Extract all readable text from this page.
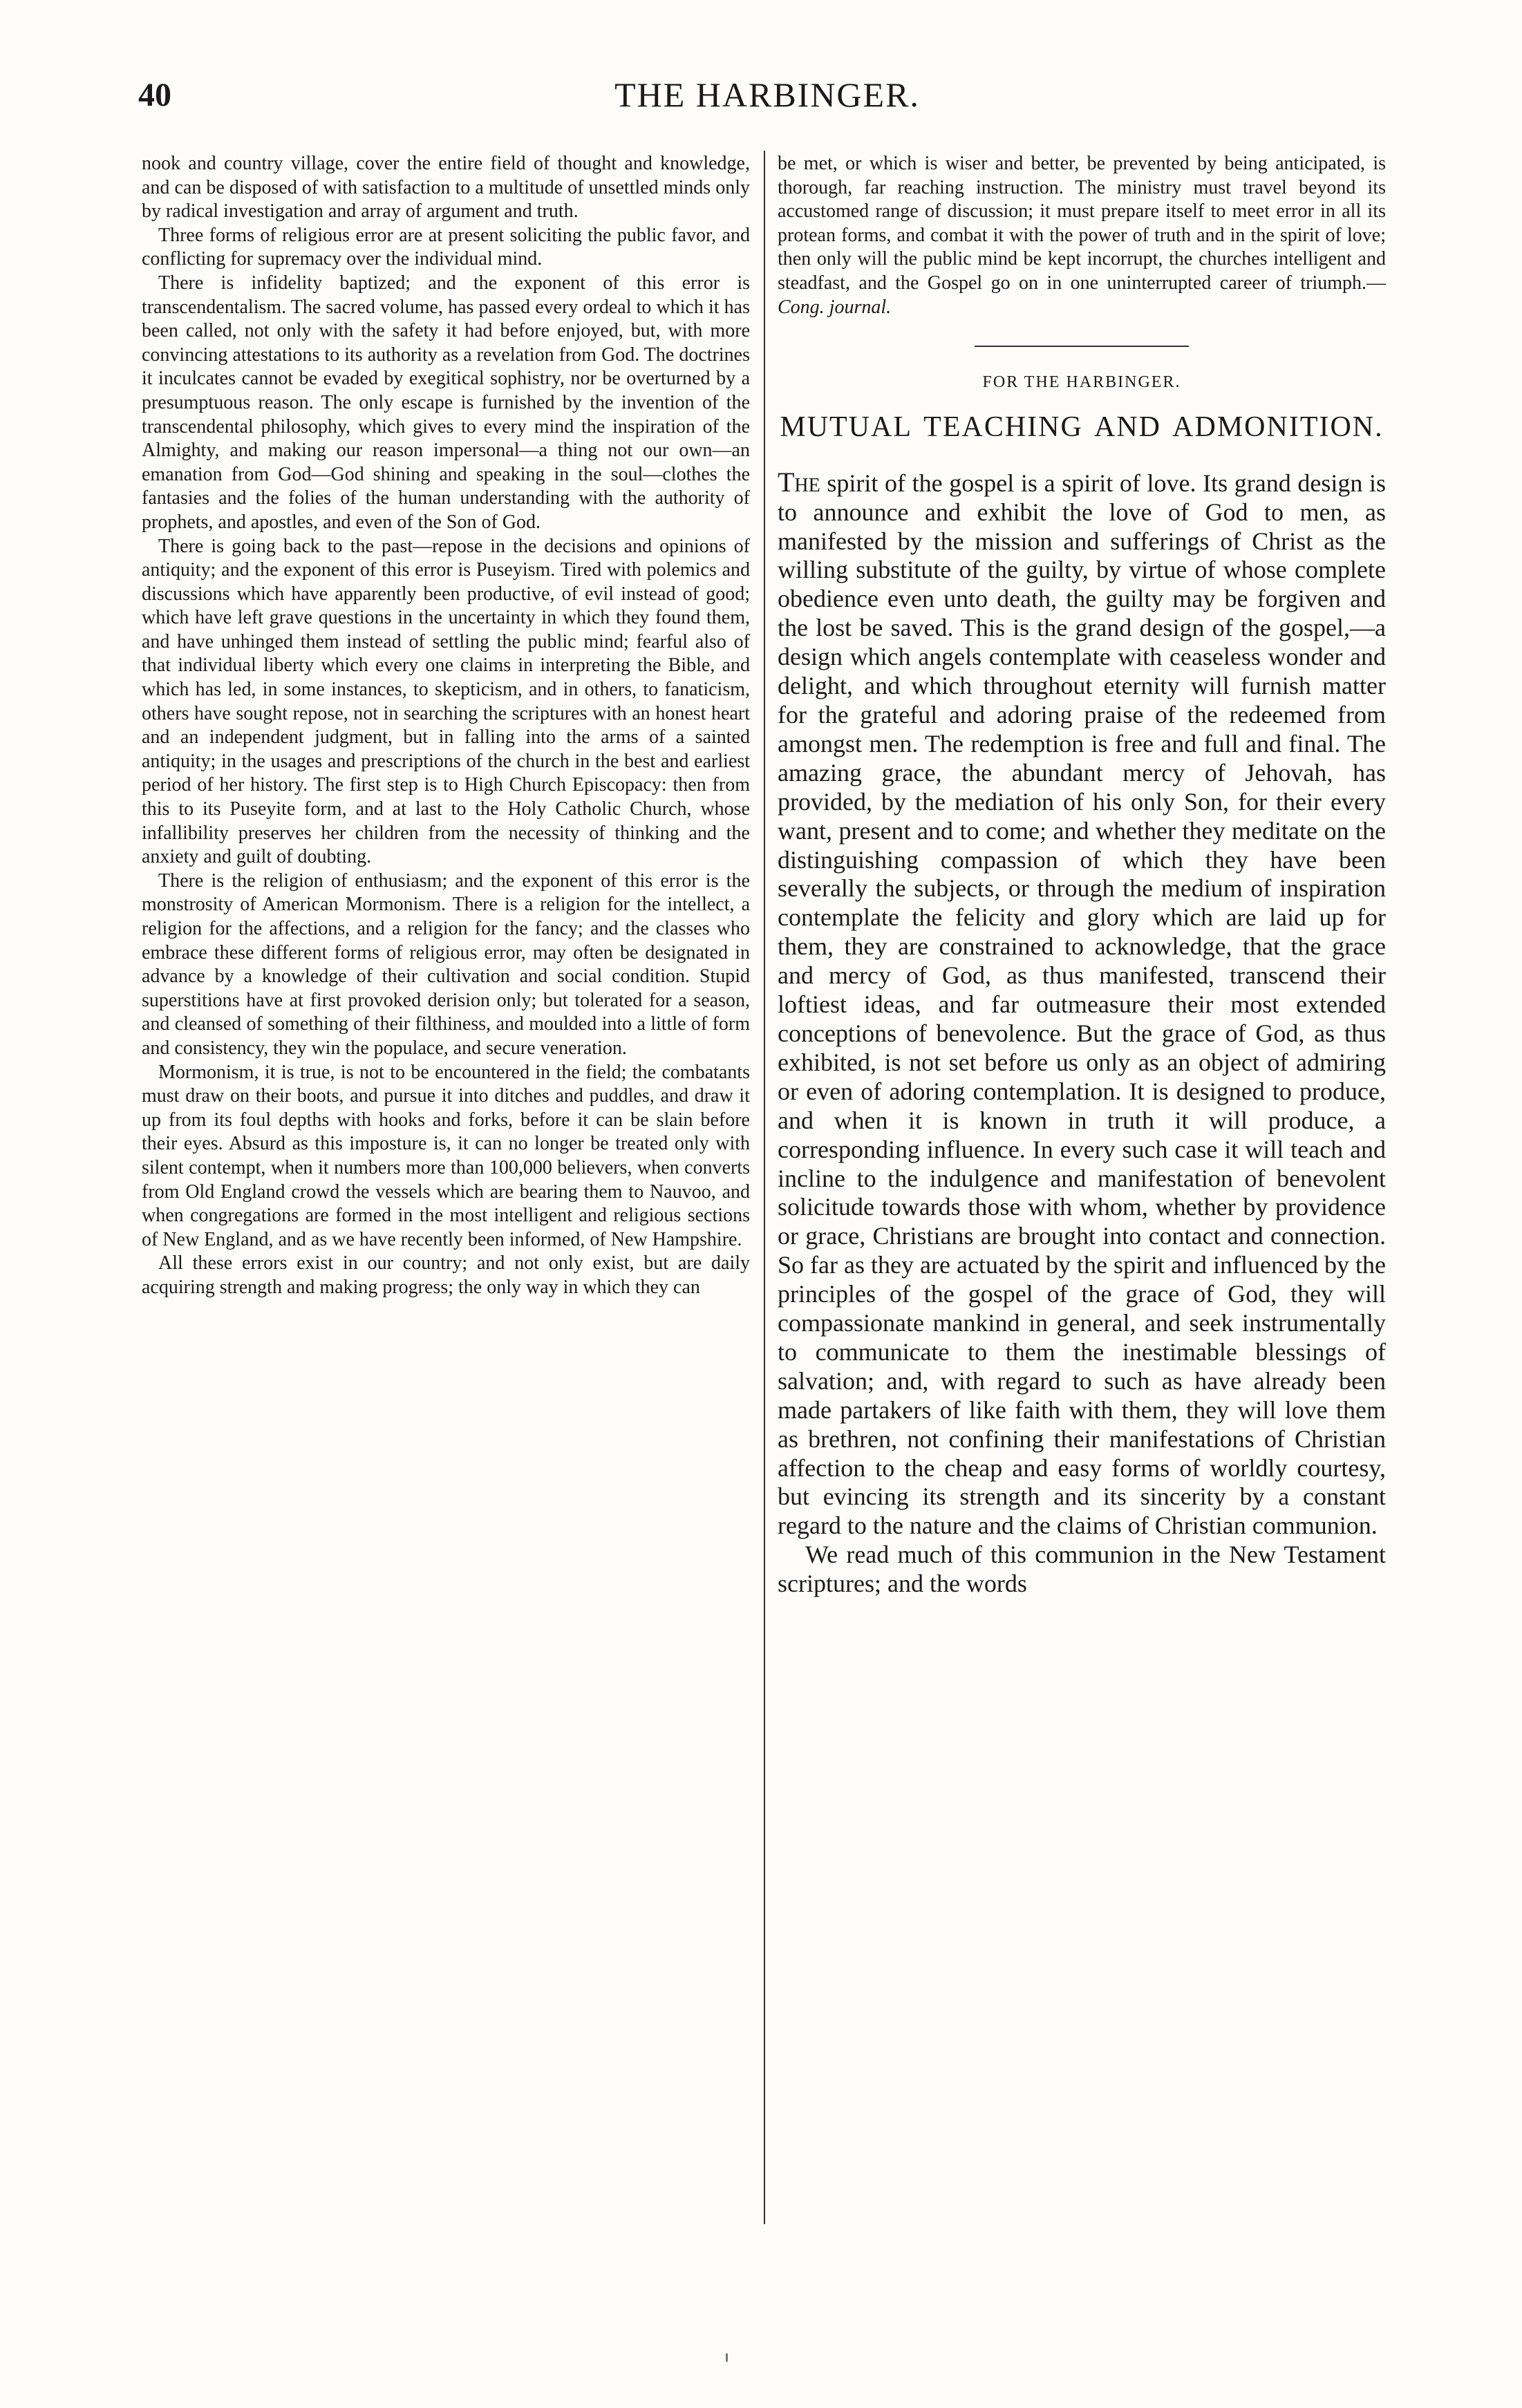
40	THE HARBINGER.

nook and country village, cover the entire field of thought and knowledge, and can be disposed of with satisfaction to a multitude of unsettled minds only by radical investigation and array of argument and truth.

Three forms of religious error are at present soliciting the public favor, and conflicting for supremacy over the individual mind.

There is infidelity baptized; and the exponent of this error is transcendentalism. The sacred volume, has passed every ordeal to which it has been called, not only with the safety it had before enjoyed, but, with more convincing attestations to its authority as a revelation from God. The doctrines it inculcates cannot be evaded by exegitical sophistry, nor be overturned by a presumptuous reason. The only escape is furnished by the invention of the transcendental philosophy, which gives to every mind the inspiration of the Almighty, and making our reason impersonal—a thing not our own—an emanation from God—God shining and speaking in the soul—clothes the fantasies and the folies of the human understanding with the authority of prophets, and apostles, and even of the Son of God.

There is going back to the past—repose in the decisions and opinions of antiquity; and the exponent of this error is Puseyism. Tired with polemics and discussions which have apparently been productive, of evil instead of good; which have left grave questions in the uncertainty in which they found them, and have unhinged them instead of settling the public mind; fearful also of that individual liberty which every one claims in interpreting the Bible, and which has led, in some instances, to skepticism, and in others, to fanaticism, others have sought repose, not in searching the scriptures with an honest heart and an independent judgment, but in falling into the arms of a sainted antiquity; in the usages and prescriptions of the church in the best and earliest period of her history. The first step is to High Church Episcopacy: then from this to its Puseyite form, and at last to the Holy Catholic Church, whose infallibility preserves her children from the necessity of thinking and the anxiety and guilt of doubting.

There is the religion of enthusiasm; and the exponent of this error is the monstrosity of American Mormonism. There is a religion for the intellect, a religion for the affections, and a religion for the fancy; and the classes who embrace these different forms of religious error, may often be designated in advance by a knowledge of their cultivation and social condition. Stupid superstitions have at first provoked derision only; but tolerated for a season, and cleansed of something of their filthiness, and moulded into a little of form and consistency, they win the populace, and secure veneration.

Mormonism, it is true, is not to be encountered in the field; the combatants must draw on their boots, and pursue it into ditches and puddles, and draw it up from its foul depths with hooks and forks, before it can be slain before their eyes. Absurd as this imposture is, it can no longer be treated only with silent contempt, when it numbers more than 100,000 believers, when converts from Old England crowd the vessels which are bearing them to Nauvoo, and when congregations are formed in the most intelligent and religious sections of New England, and as we have recently been informed, of New Hampshire.

All these errors exist in our country; and not only exist, but are daily acquiring strength and making progress; the only way in which they can

be met, or which is wiser and better, be prevented by being anticipated, is thorough, far reaching instruction. The ministry must travel beyond its accustomed range of discussion; it must prepare itself to meet error in all its protean forms, and combat it with the power of truth and in the spirit of love; then only will the public mind be kept incorrupt, the churches intelligent and steadfast, and the Gospel go on in one uninterrupted career of triumph.—Cong. journal.

FOR THE HARBINGER.
MUTUAL TEACHING AND ADMONITION.

The spirit of the gospel is a spirit of love. Its grand design is to announce and exhibit the love of God to men, as manifested by the mission and sufferings of Christ as the willing substitute of the guilty, by virtue of whose complete obedience even unto death, the guilty may be forgiven and the lost be saved. This is the grand design of the gospel,—a design which angels contemplate with ceaseless wonder and delight, and which throughout eternity will furnish matter for the grateful and adoring praise of the redeemed from amongst men. The redemption is free and full and final. The amazing grace, the abundant mercy of Jehovah, has provided, by the mediation of his only Son, for their every want, present and to come; and whether they meditate on the distinguishing compassion of which they have been severally the subjects, or through the medium of inspiration contemplate the felicity and glory which are laid up for them, they are constrained to acknowledge, that the grace and mercy of God, as thus manifested, transcend their loftiest ideas, and far outmeasure their most extended conceptions of benevolence. But the grace of God, as thus exhibited, is not set before us only as an object of admiring or even of adoring contemplation. It is designed to produce, and when it is known in truth it will produce, a corresponding influence. In every such case it will teach and incline to the indulgence and manifestation of benevolent solicitude towards those with whom, whether by providence or grace, Christians are brought into contact and connection. So far as they are actuated by the spirit and influenced by the principles of the gospel of the grace of God, they will compassionate mankind in general, and seek instrumentally to communicate to them the inestimable blessings of salvation; and, with regard to such as have already been made partakers of like faith with them, they will love them as brethren, not confining their manifestations of Christian affection to the cheap and easy forms of worldly courtesy, but evincing its strength and its sincerity by a constant regard to the nature and the claims of Christian communion.

We read much of this communion in the New Testament scriptures; and the words
